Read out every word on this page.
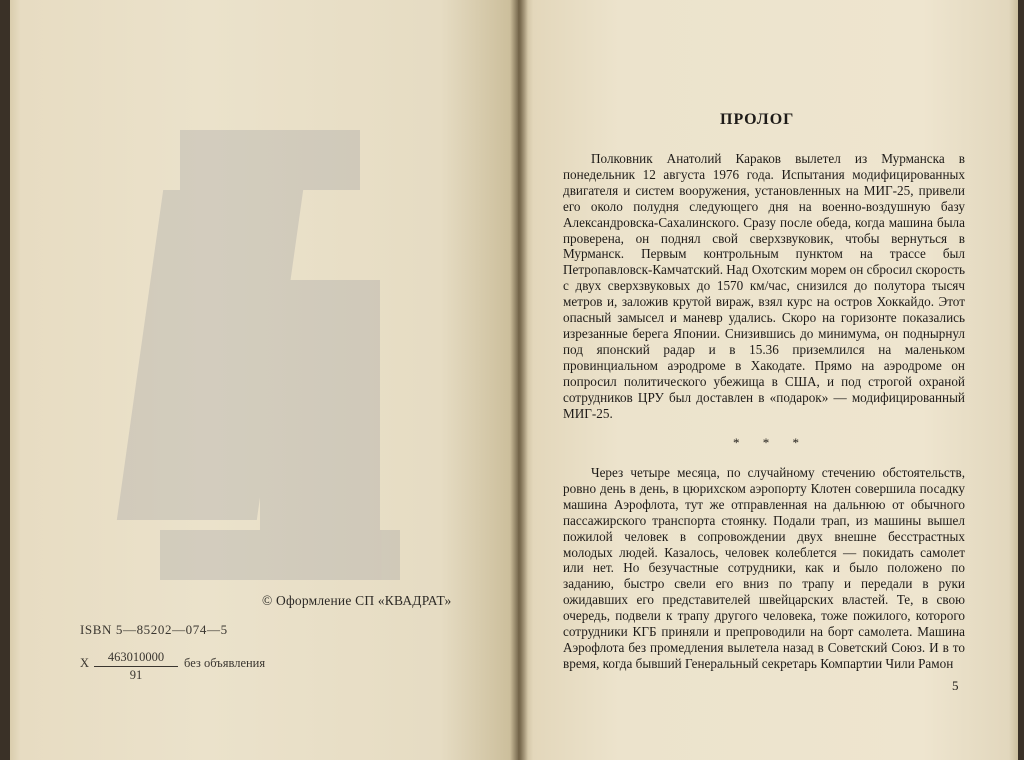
© Оформление СП «КВАДРАТ»
ISBN 5—85202—074—5
Х $\frac{463010000}{91}$ без объявления
ПРОЛОГ
Полковник Анатолий Караков вылетел из Мурманска в понедельник 12 августа 1976 года. Испытания модифицированных двигателя и систем вооружения, установленных на МИГ-25, привели его около полудня следующего дня на военно-воздушную базу Александровска-Сахалинского. Сразу после обеда, когда машина была проверена, он поднял свой сверхзвуковик, чтобы вернуться в Мурманск. Первым контрольным пунктом на трассе был Петропавловск-Камчатский. Над Охотским морем он сбросил скорость с двух сверхзвуковых до 1570 км/час, снизился до полутора тысяч метров и, заложив крутой вираж, взял курс на остров Хоккайдо. Этот опасный замысел и маневр удались. Скоро на горизонте показались изрезанные берега Японии. Снизившись до минимума, он поднырнул под японский радар и в 15.36 приземлился на маленьком провинциальном аэродроме в Хакодате. Прямо на аэродроме он попросил политического убежища в США, и под строгой охраной сотрудников ЦРУ был доставлен в «подарок» — модифицированный МИГ-25.
* * *
Через четыре месяца, по случайному стечению обстоятельств, ровно день в день, в цюрихском аэропорту Клотен совершила посадку машина Аэрофлота, тут же отправленная на дальнюю от обычного пассажирского транспорта стоянку. Подали трап, из машины вышел пожилой человек в сопровождении двух внешне бесстрастных молодых людей. Казалось, человек колеблется — покидать самолет или нет. Но безучастные сотрудники, как и было положено по заданию, быстро свели его вниз по трапу и передали в руки ожидавших его представителей швейцарских властей. Те, в свою очередь, подвели к трапу другого человека, тоже пожилого, которого сотрудники КГБ приняли и препроводили на борт самолета. Машина Аэрофлота без промедления вылетела назад в Советский Союз. И в то время, когда бывший Генеральный секретарь Компартии Чили Рамон
5
